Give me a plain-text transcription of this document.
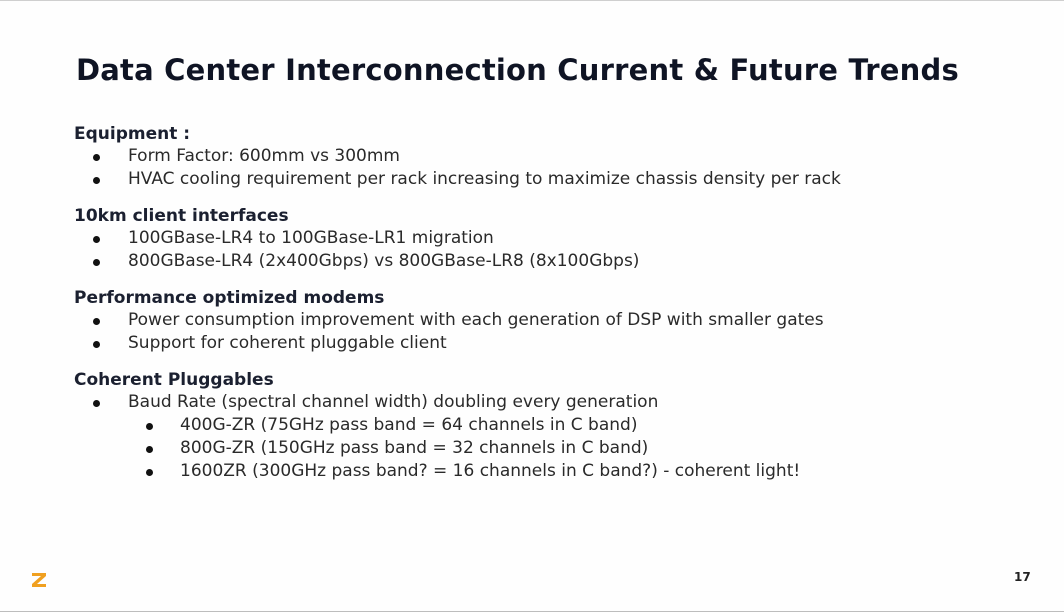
Data Center Interconnection Current & Future Trends
Equipment :
Form Factor: 600mm vs 300mm
HVAC cooling requirement per rack increasing to maximize chassis density per rack
10km client interfaces
100GBase-LR4 to 100GBase-LR1 migration
800GBase-LR4 (2x400Gbps) vs 800GBase-LR8 (8x100Gbps)
Performance optimized modems
Power consumption improvement with each generation of DSP with smaller gates
Support for coherent pluggable client
Coherent Pluggables
Baud Rate (spectral channel width) doubling every generation
400G-ZR (75GHz pass band = 64 channels in C band)
800G-ZR (150GHz pass band = 32 channels in C band)
1600ZR (300GHz pass band? = 16 channels in C band?) - coherent light!
17
